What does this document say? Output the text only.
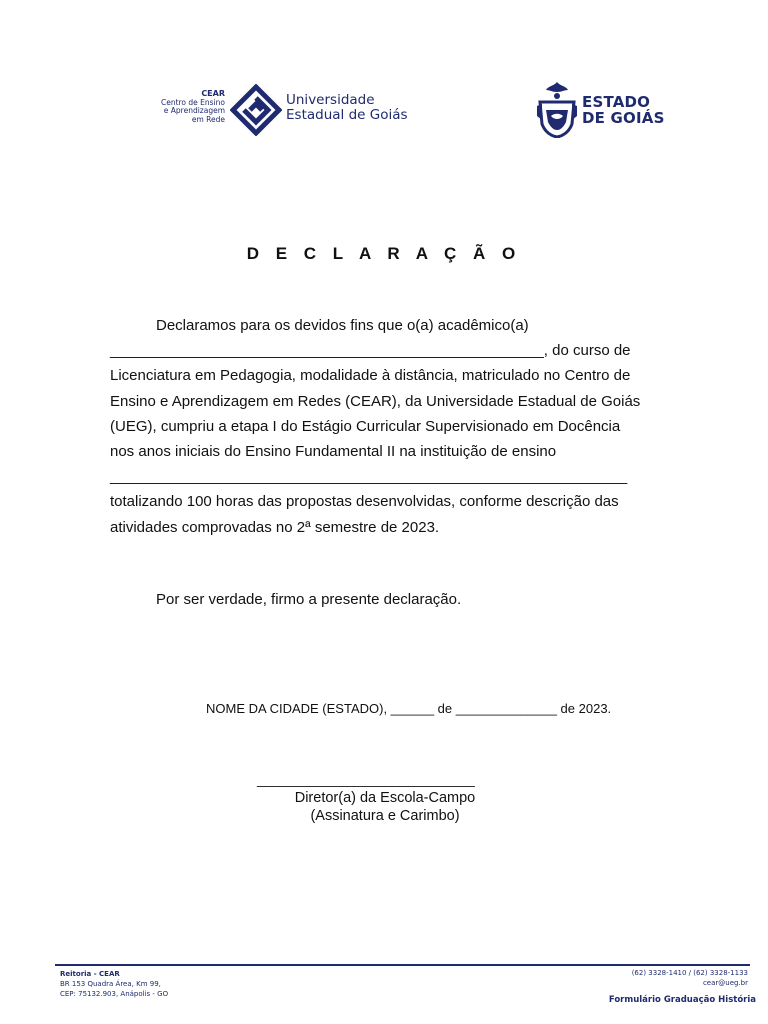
CEAR
Centro de Ensino
e Aprendizagem
em Rede
Universidade
Estadual de Goiás
ESTADO
DE GOIÁS
D E C L A R A Ç Ã O
Declaramos para os devidos fins que o(a) acadêmico(a)
____________________________________________________, do curso de
Licenciatura em Pedagogia, modalidade à distância, matriculado no Centro de
Ensino e Aprendizagem em Redes (CEAR), da Universidade Estadual de Goiás
(UEG), cumpriu a etapa I do Estágio Curricular Supervisionado em Docência
nos anos iniciais do Ensino Fundamental II na instituição de ensino
______________________________________________________________
totalizando 100 horas das propostas desenvolvidas, conforme descrição das
atividades comprovadas no 2ª semestre de 2023.
Por ser verdade, firmo a presente declaração.
NOME DA CIDADE (ESTADO), ______ de ______________ de 2023.
_____________________________
Diretor(a) da Escola-Campo
(Assinatura e Carimbo)
Reitoria - CEAR
BR 153 Quadra Área, Km 99,
CEP: 75132.903, Anápolis - GO
(62) 3328-1410 / (62) 3328-1133
cear@ueg.br
Formulário Graduação História
